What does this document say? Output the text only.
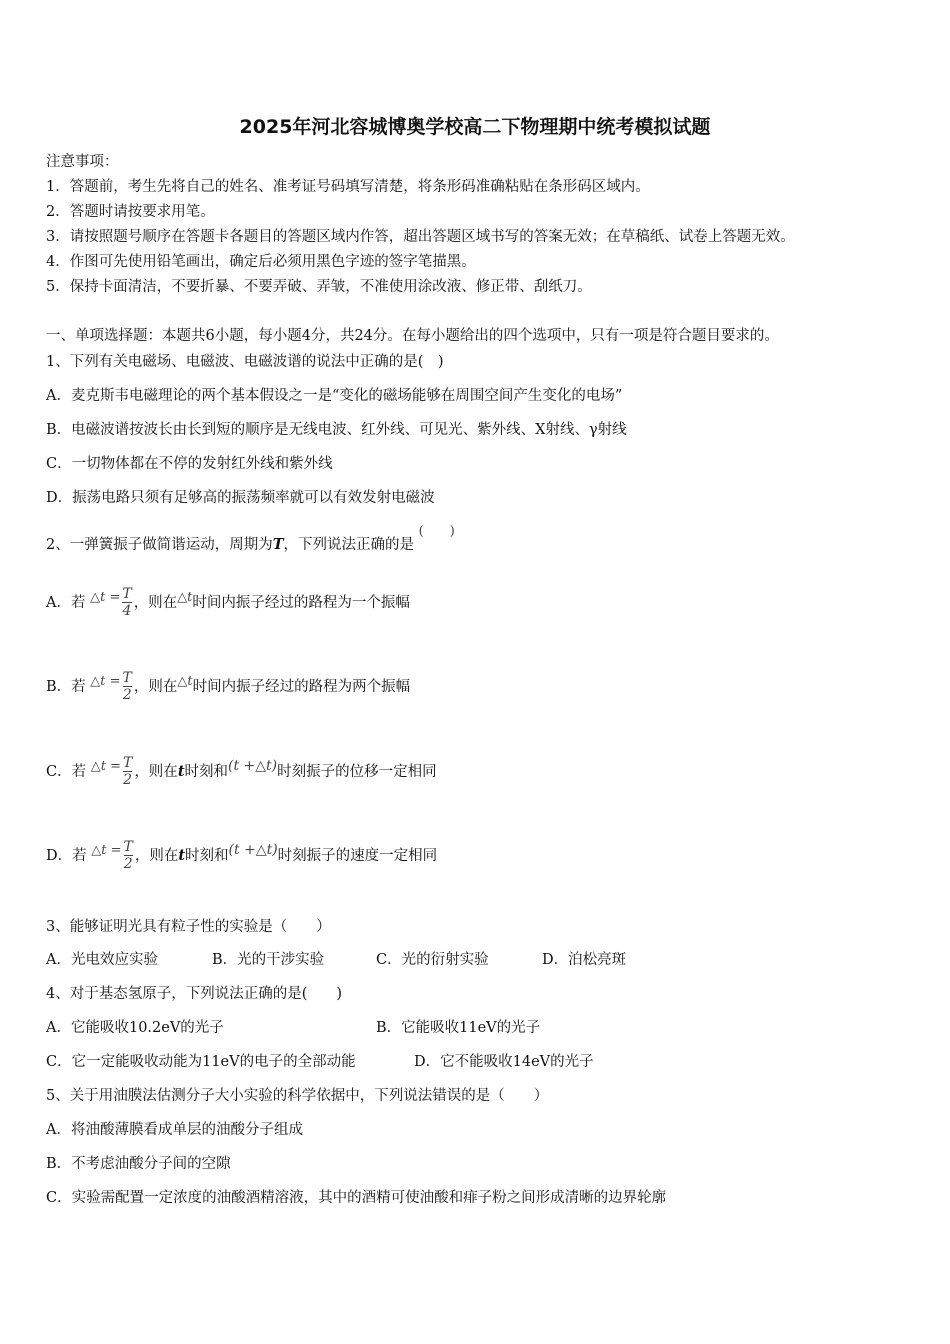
2025年河北容城博奥学校高二下物理期中统考模拟试题
注意事项：
1．答题前，考生先将自己的姓名、准考证号码填写清楚，将条形码准确粘贴在条形码区域内。
2．答题时请按要求用笔。
3．请按照题号顺序在答题卡各题目的答题区域内作答，超出答题区域书写的答案无效；在草稿纸、试卷上答题无效。
4．作图可先使用铅笔画出，确定后必须用黑色字迹的签字笔描黑。
5．保持卡面清洁，不要折暴、不要弄破、弄皱，不准使用涂改液、修正带、刮纸刀。
一、单项选择题：本题共6小题，每小题4分，共24分。在每小题给出的四个选项中，只有一项是符合题目要求的。
1、下列有关电磁场、电磁波、电磁波谱的说法中正确的是(　)
A．麦克斯韦电磁理论的两个基本假设之一是“变化的磁场能够在周围空间产生变化的电场”
B．电磁波谱按波长由长到短的顺序是无线电波、红外线、可见光、紫外线、X射线、γ射线
C．一切物体都在不停的发射红外线和紫外线
D．振荡电路只须有足够高的振荡频率就可以有效发射电磁波
2、一弹簧振子做简谐运动，周期为T，下列说法正确的是 (　　)
A．若 △t = $\frac{T}{4}$ ，则在△t时间内振子经过的路程为一个振幅
B．若 △t = $\frac{T}{2}$ ，则在△t时间内振子经过的路程为两个振幅
C．若 △t = $\frac{T}{2}$ ，则在t时刻和(t +△t)时刻振子的位移一定相同
D．若 △t = $\frac{T}{2}$ ，则在t时刻和(t +△t)时刻振子的速度一定相同
3、能够证明光具有粒子性的实验是（　　）
A．光电效应实验	B．光的干涉实验	C．光的衍射实验	D．泊松亮斑
4、对于基态氢原子，下列说法正确的是(　　)
A．它能吸收10.2eV的光子	B．它能吸收11eV的光子
C．它一定能吸收动能为11eV的电子的全部动能	D．它不能吸收14eV的光子
5、关于用油膜法估测分子大小实验的科学依据中，下列说法错误的是（　　）
A．将油酸薄膜看成单层的油酸分子组成
B．不考虑油酸分子间的空隙
C．实验需配置一定浓度的油酸酒精溶液，其中的酒精可使油酸和痱子粉之间形成清晰的边界轮廓
